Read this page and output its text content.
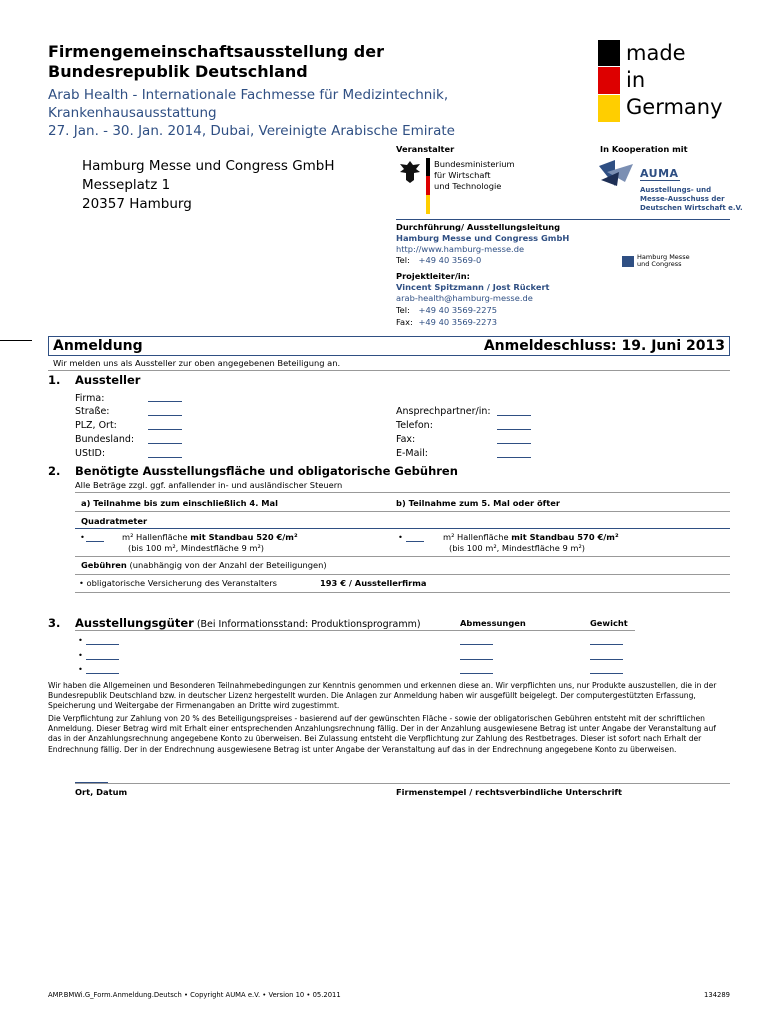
Firmengemeinschaftsausstellung der
Bundesrepublik Deutschland
Arab Health - Internationale Fachmesse für Medizintechnik,
Krankenhausausstattung
27. Jan. - 30. Jan. 2014, Dubai, Vereinigte Arabische Emirate
made
in
Germany
Hamburg Messe und Congress GmbH
Messeplatz 1
20357 Hamburg
Veranstalter
Bundesministerium
für Wirtschaft
und Technologie
In Kooperation mit
AUMA
Ausstellungs- und
Messe-Ausschuss der
Deutschen Wirtschaft e.V.
Durchführung/ Ausstellungsleitung
Hamburg Messe und Congress GmbH
http://www.hamburg-messe.de
Tel: +49 40 3569-0	Hamburg Messe
und Congress
Projektleiter/in:
Vincent Spitzmann / Jost Rückert
arab-health@hamburg-messe.de
Tel: +49 40 3569-2275
Fax: +49 40 3569-2273
Anmeldung	Anmeldeschluss: 19. Juni 2013
Wir melden uns als Aussteller zur oben angegebenen Beteiligung an.
1. Aussteller
Firma:
Straße:
PLZ, Ort:
Bundesland:
UStID:
Ansprechpartner/in:
Telefon:
Fax:
E-Mail:
2. Benötigte Ausstellungsfläche und obligatorische Gebühren
Alle Beträge zzgl. ggf. anfallender in- und ausländischer Steuern
a) Teilnahme bis zum einschließlich 4. Mal	b) Teilnahme zum 5. Mal oder öfter
Quadratmeter
•	m² Hallenfläche mit Standbau 520 €/m²
(bis 100 m², Mindestfläche 9 m²)
•	m² Hallenfläche mit Standbau 570 €/m²
(bis 100 m², Mindestfläche 9 m²)
Gebühren (unabhängig von der Anzahl der Beteiligungen)
• obligatorische Versicherung des Veranstalters	193 € / Ausstellerfirma
3. Ausstellungsgüter (Bei Informationsstand: Produktionsprogramm)	Abmessungen	Gewicht
•
•
•
Wir haben die Allgemeinen und Besonderen Teilnahmebedingungen zur Kenntnis genommen und erkennen diese an. Wir verpflichten uns, nur Produkte auszustellen, die in der Bundesrepublik Deutschland bzw. in deutscher Lizenz hergestellt wurden. Die Anlagen zur Anmeldung haben wir ausgefüllt beigelegt. Der computergestützten Erfassung, Speicherung und Weitergabe der Firmenangaben an Dritte wird zugestimmt.
Die Verpflichtung zur Zahlung von 20 % des Beteiligungspreises - basierend auf der gewünschten Fläche - sowie der obligatorischen Gebühren entsteht mit der schriftlichen Anmeldung. Dieser Betrag wird mit Erhalt einer entsprechenden Anzahlungsrechnung fällig. Der in der Anzahlung ausgewiesene Betrag ist unter Angabe der Veranstaltung auf das in der Anzahlungsrechnung angegebene Konto zu überweisen. Bei Zulassung entsteht die Verpflichtung zur Zahlung des Restbetrages. Dieser ist sofort nach Erhalt der Endrechnung fällig. Der in der Endrechnung ausgewiesene Betrag ist unter Angabe der Veranstaltung auf das in der Endrechnung angegebene Konto zu überweisen.
Ort, Datum	Firmenstempel / rechtsverbindliche Unterschrift
AMP.BMWi.G_Form.Anmeldung.Deutsch • Copyright AUMA e.V. • Version 10 • 05.2011	134289
